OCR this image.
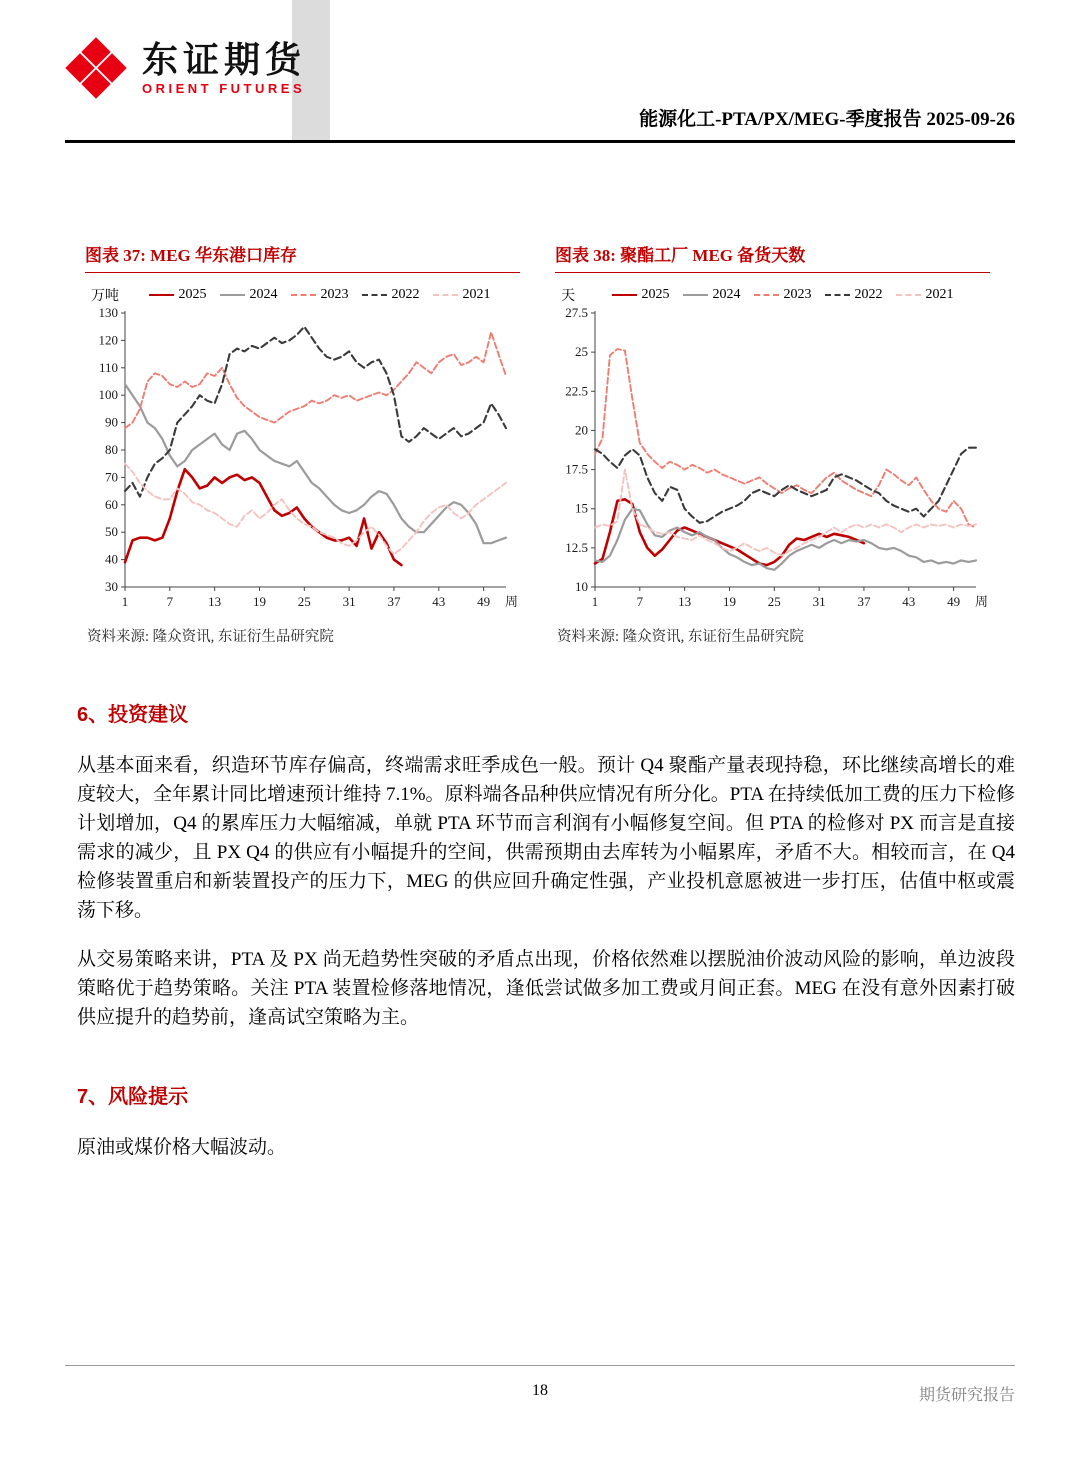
东证期货
ORIENT FUTURES
能源化工-PTA/PX/MEG-季度报告 2025-09-26
图表 37: MEG 华东港口库存
万吨	2025	2024	2023	2022	2021
30
40
50
60
70
80
90
100
110
120
130
1	7	13 19 25 31 37 43 49 周
资料来源: 隆众资讯, 东证衍生品研究院
图表 38: 聚酯工厂 MEG 备货天数
天	2025	2024	2023	2022	2021
10
12.5
15
17.5
20
22.5
25
27.5
1	7	13 19 25 31 37 43 49 周
资料来源: 隆众资讯, 东证衍生品研究院
6、投资建议

从基本面来看，织造环节库存偏高，终端需求旺季成色一般。预计 Q4 聚酯产量表现持稳，环比继续高增长的难度较大，全年累计同比增速预计维持 7.1%。原料端各品种供应情况有所分化。PTA 在持续低加工费的压力下检修计划增加，Q4 的累库压力大幅缩减，单就 PTA 环节而言利润有小幅修复空间。但 PTA 的检修对 PX 而言是直接需求的减少，且 PX Q4 的供应有小幅提升的空间，供需预期由去库转为小幅累库，矛盾不大。相较而言，在 Q4 检修装置重启和新装置投产的压力下，MEG 的供应回升确定性强，产业投机意愿被进一步打压，估值中枢或震荡下移。

从交易策略来讲，PTA 及 PX 尚无趋势性突破的矛盾点出现，价格依然难以摆脱油价波动风险的影响，单边波段策略优于趋势策略。关注 PTA 装置检修落地情况，逢低尝试做多加工费或月间正套。MEG 在没有意外因素打破供应提升的趋势前，逢高试空策略为主。

7、风险提示

原油或煤价格大幅波动。

18	期货研究报告
